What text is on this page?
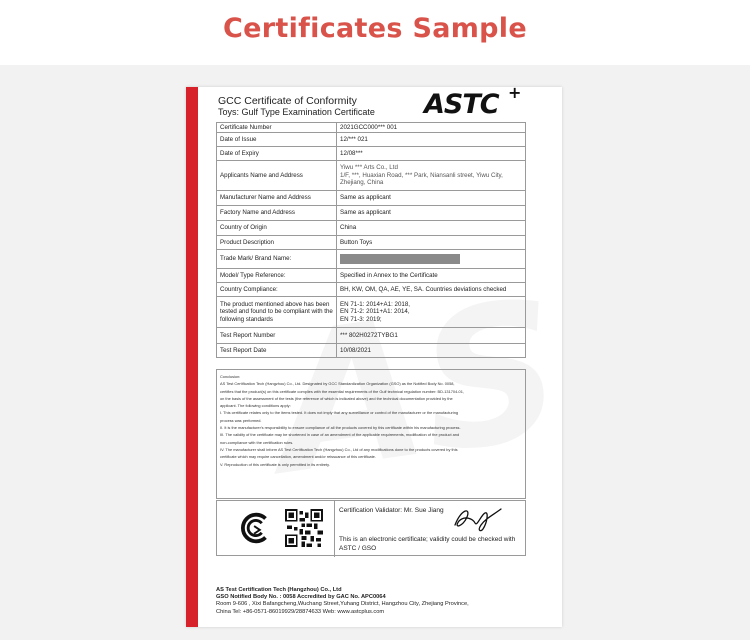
Certificates Sample
GCC Certificate of Conformity
Toys: Gulf Type Examination Certificate	ASTC +
Certificate Number	2021GCC000*** 001
Date of Issue	12/*** 021
Date of Expiry	12/08***
Applicants Name and Address	Yiwu *** Arts Co., Ltd
1/F, ***, Huaxian Road, *** Park, Niansanli street, Yiwu City, Zhejiang, China
Manufacturer Name and Address	Same as applicant
Factory Name and Address	Same as applicant
Country of Origin	China
Product Description	Button Toys
Trade Mark/ Brand Name:	
Model/ Type Reference:	Specified in Annex to the Certificate
Country Compliance:	BH, KW, OM, QA, AE, YE, SA. Countries deviations checked
The product mentioned above has been tested and found to be compliant with the following standards	EN 71-1: 2014+A1: 2018,
EN 71-2: 2011+A1: 2014,
EN 71-3: 2019;
Test Report Number	*** 802H0272TYBG1
Test Report Date	10/08/2021

Conclusion:

AS Test Certification Tech (Hangzhou) Co., Ltd. Designated by GCC Standardization Organization (GSO) as the Notified Body No. 0058,

certifies that the product(s) on this certificate complies with the essential requirements of the Gulf technical regulation number: BD-131704-01,

on the basis of the assessment of the tests (the reference of which is indicated above) and the technical documentation provided by the

applicant. The following conditions apply:

I. This certificate relates only to the items tested. It does not imply that any surveillance or control of the manufacturer or the manufacturing

process was performed.

II. It is the manufacturer's responsibility to ensure compliance of all the products covered by this certificate within his manufacturing process.

III. The validity of the certificate may be shortened in case of an amendment of the applicable requirements, modification of the product and

non-compliance with the certification rules.

IV. The manufacturer shall inform AS Test Certification Tech (Hangzhou) Co., Ltd of any modifications done to the products covered by this

certificate which may require cancellation, amendment and/or reissuance of this certificate.

V. Reproduction of this certificate is only permitted in its entirety.

Certification Validator: Mr. Sue Jiang
This is an electronic certificate; validity could be checked with ASTC / GSO
AS Test Certification Tech (Hangzhou) Co., Ltd
GSO Notified Body No. : 0058 Accredited by GAC No. APC0064
Room 9-606 , Xixi Bafangcheng,Wuchang Street,Yuhang District, Hangzhou City, Zhejiang Province,
China Tel: +86-0571-86019929/28874633 Web: www.astcplus.com
